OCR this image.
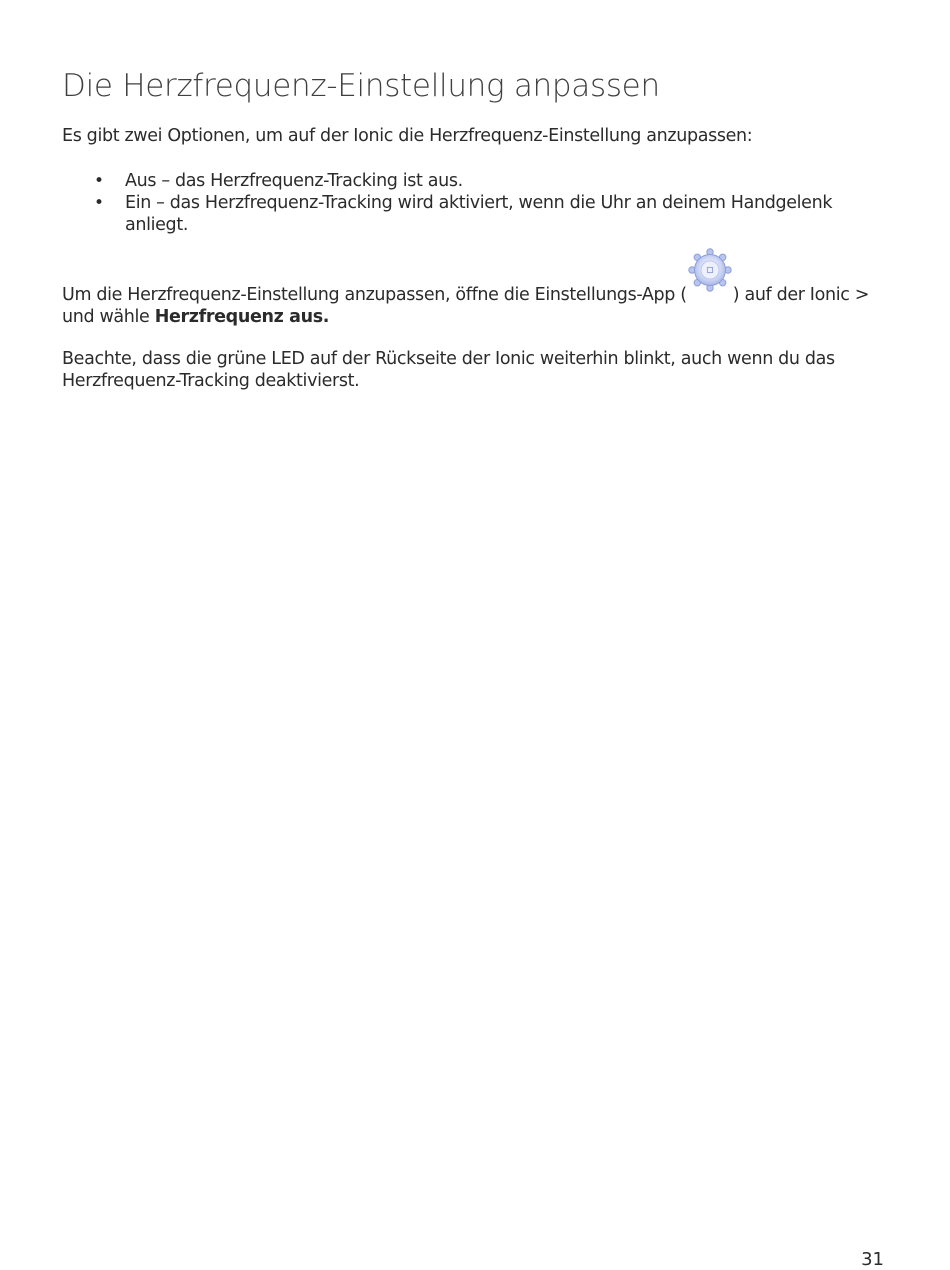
Die Herzfrequenz-Einstellung anpassen

Es gibt zwei Optionen, um auf der Ionic die Herzfrequenz-Einstellung anzupassen:

• Aus – das Herzfrequenz-Tracking ist aus.
• Ein – das Herzfrequenz-Tracking wird aktiviert, wenn die Uhr an deinem Handgelenk anliegt.

Um die Herzfrequenz-Einstellung anzupassen, öffne die Einstellungs-App (	) auf der Ionic > und wähle Herzfrequenz aus.

Beachte, dass die grüne LED auf der Rückseite der Ionic weiterhin blinkt, auch wenn du das Herzfrequenz-Tracking deaktivierst.

31
